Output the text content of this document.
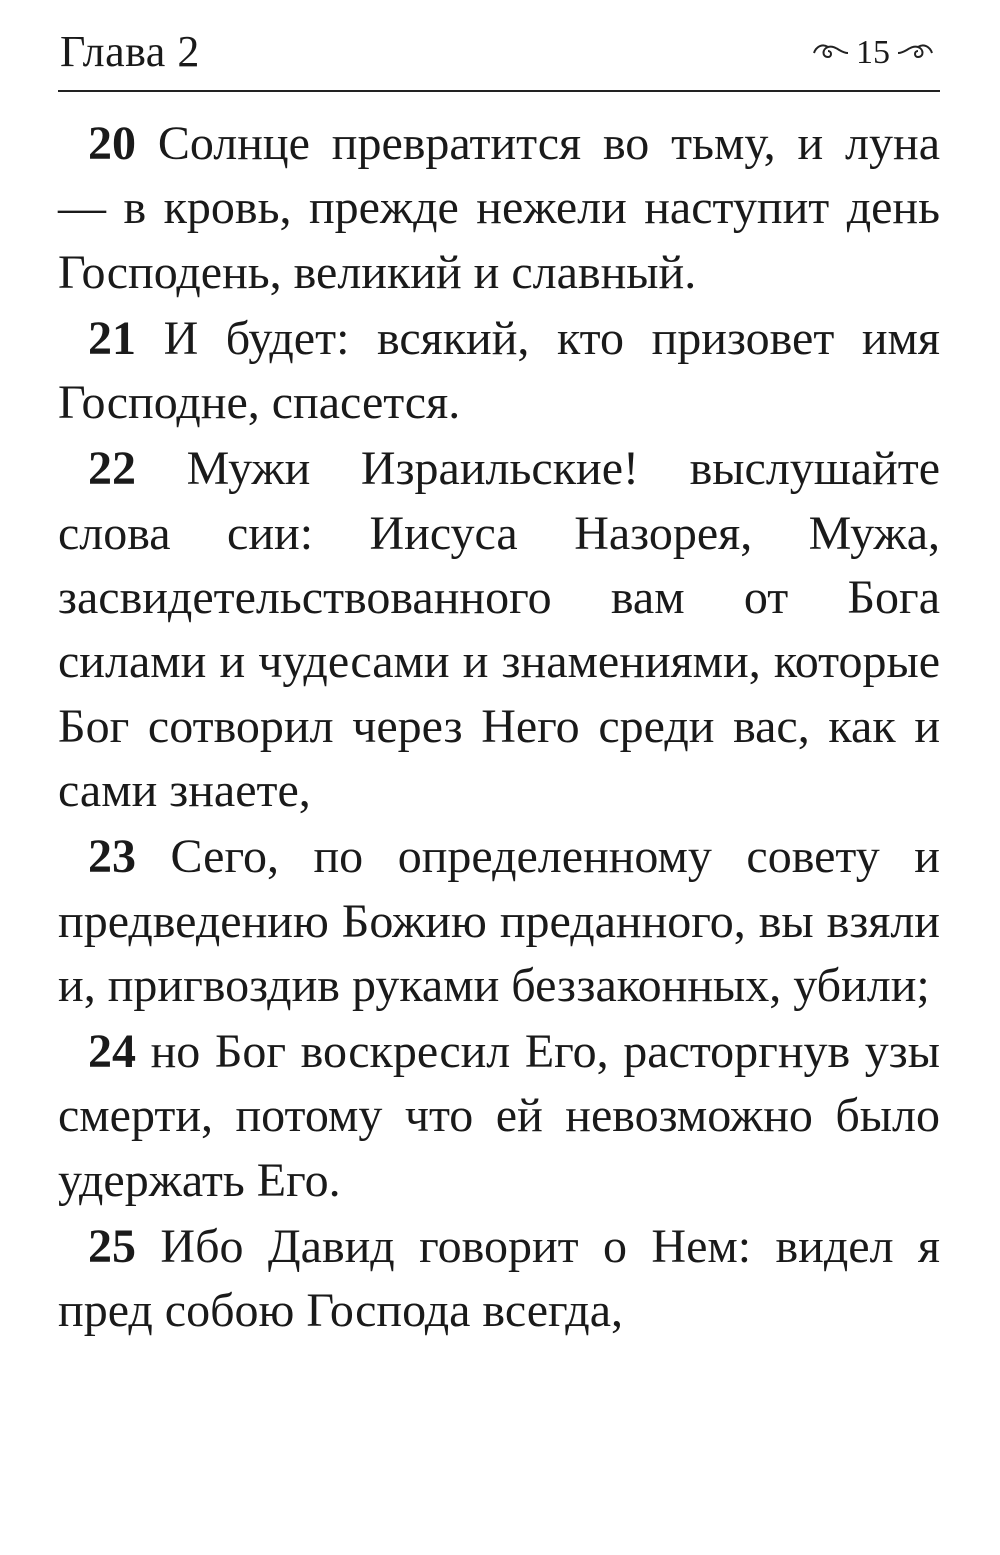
Глава 2	15

20 Солнце превратится во тьму, и луна — в кровь, прежде нежели наступит день Господень, великий и славный.

21 И будет: всякий, кто призовет имя Господне, спасется.

22 Мужи Израильские! выслушайте слова сии: Иисуса Назорея, Мужа, засвидетельствованного вам от Бога силами и чудесами и знамениями, которые Бог сотворил через Него среди вас, как и сами знаете,

23 Сего, по определенному совету и предведению Божию преданного, вы взяли и, пригвоздив руками беззаконных, убили;

24 но Бог воскресил Его, расторгнув узы смерти, потому что ей невозможно было удержать Его.

25 Ибо Давид говорит о Нем: видел я пред собою Господа всегда,
